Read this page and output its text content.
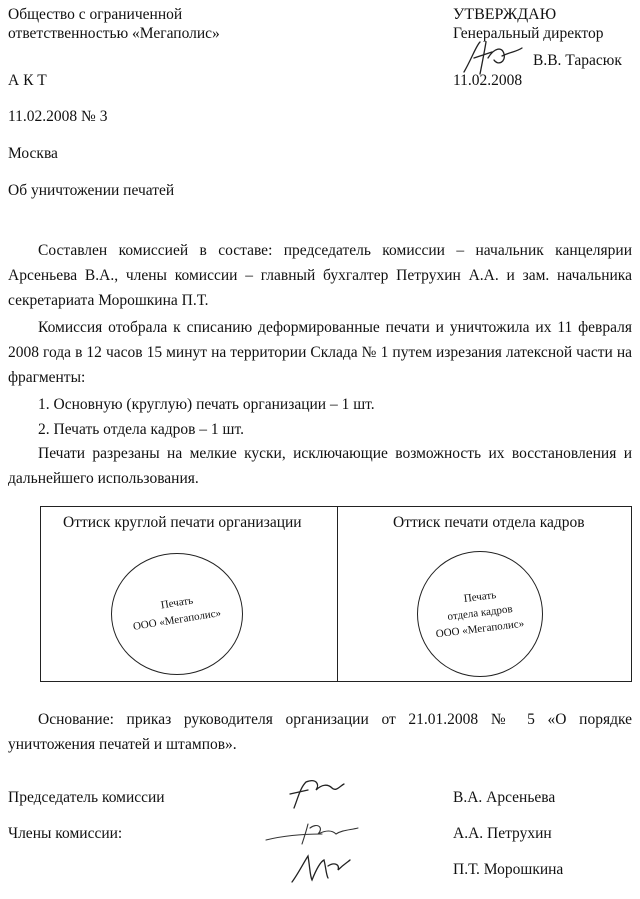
Общество с ограниченной
ответственностью «Мегаполис»
УТВЕРЖДАЮ
Генеральный директор
В.В. Тарасюк
11.02.2008
А К Т
11.02.2008 № 3
Москва
Об уничтожении печатей
Составлен комиссией в составе: председатель комиссии – начальник канцелярии Арсеньева В.А., члены комиссии – главный бухгалтер Петрухин А.А. и зам. начальника секретариата Морошкина П.Т.
Комиссия отобрала к списанию деформированные печати и уничтожила их 11 февраля 2008 года в 12 часов 15 минут на территории Склада № 1 путем изрезания латексной части на фрагменты:
1. Основную (круглую) печать организации – 1 шт.
2. Печать отдела кадров – 1 шт.
Печати разрезаны на мелкие куски, исключающие возможность их восстановления и дальнейшего использования.
Оттиск круглой печати организации	Оттиск печати отдела кадров
Печать
ООО «Мегаполис»
Печать
отдела кадров
ООО «Мегаполис»
Основание: приказ руководителя организации от 21.01.2008 № 5 «О порядке уничтожения печатей и штампов».
Председатель комиссии	В.А. Арсеньева
Члены комиссии:	А.А. Петрухин
П.Т. Морошкина
